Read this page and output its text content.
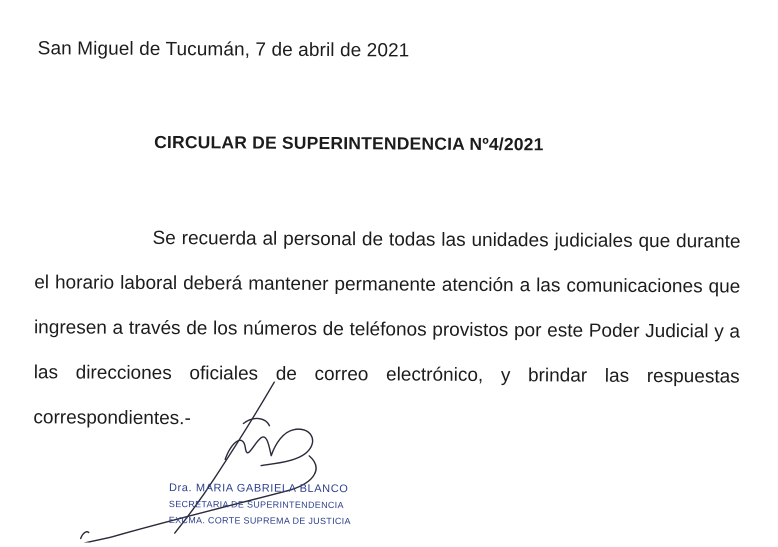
San Miguel de Tucumán, 7 de abril de 2021
CIRCULAR DE SUPERINTENDENCIA Nº4/2021

Se recuerda al personal de todas las unidades judiciales que durante el horario laboral deberá mantener permanente atención a las comunicaciones que ingresen a través de los números de teléfonos provistos por este Poder Judicial y a las direcciones oficiales de correo electrónico, y brindar las respuestas correspondientes.-

Dra. MARIA GABRIELA BLANCO
SECRETARIA DE SUPERINTENDENCIA
EXCMA. CORTE SUPREMA DE JUSTICIA
